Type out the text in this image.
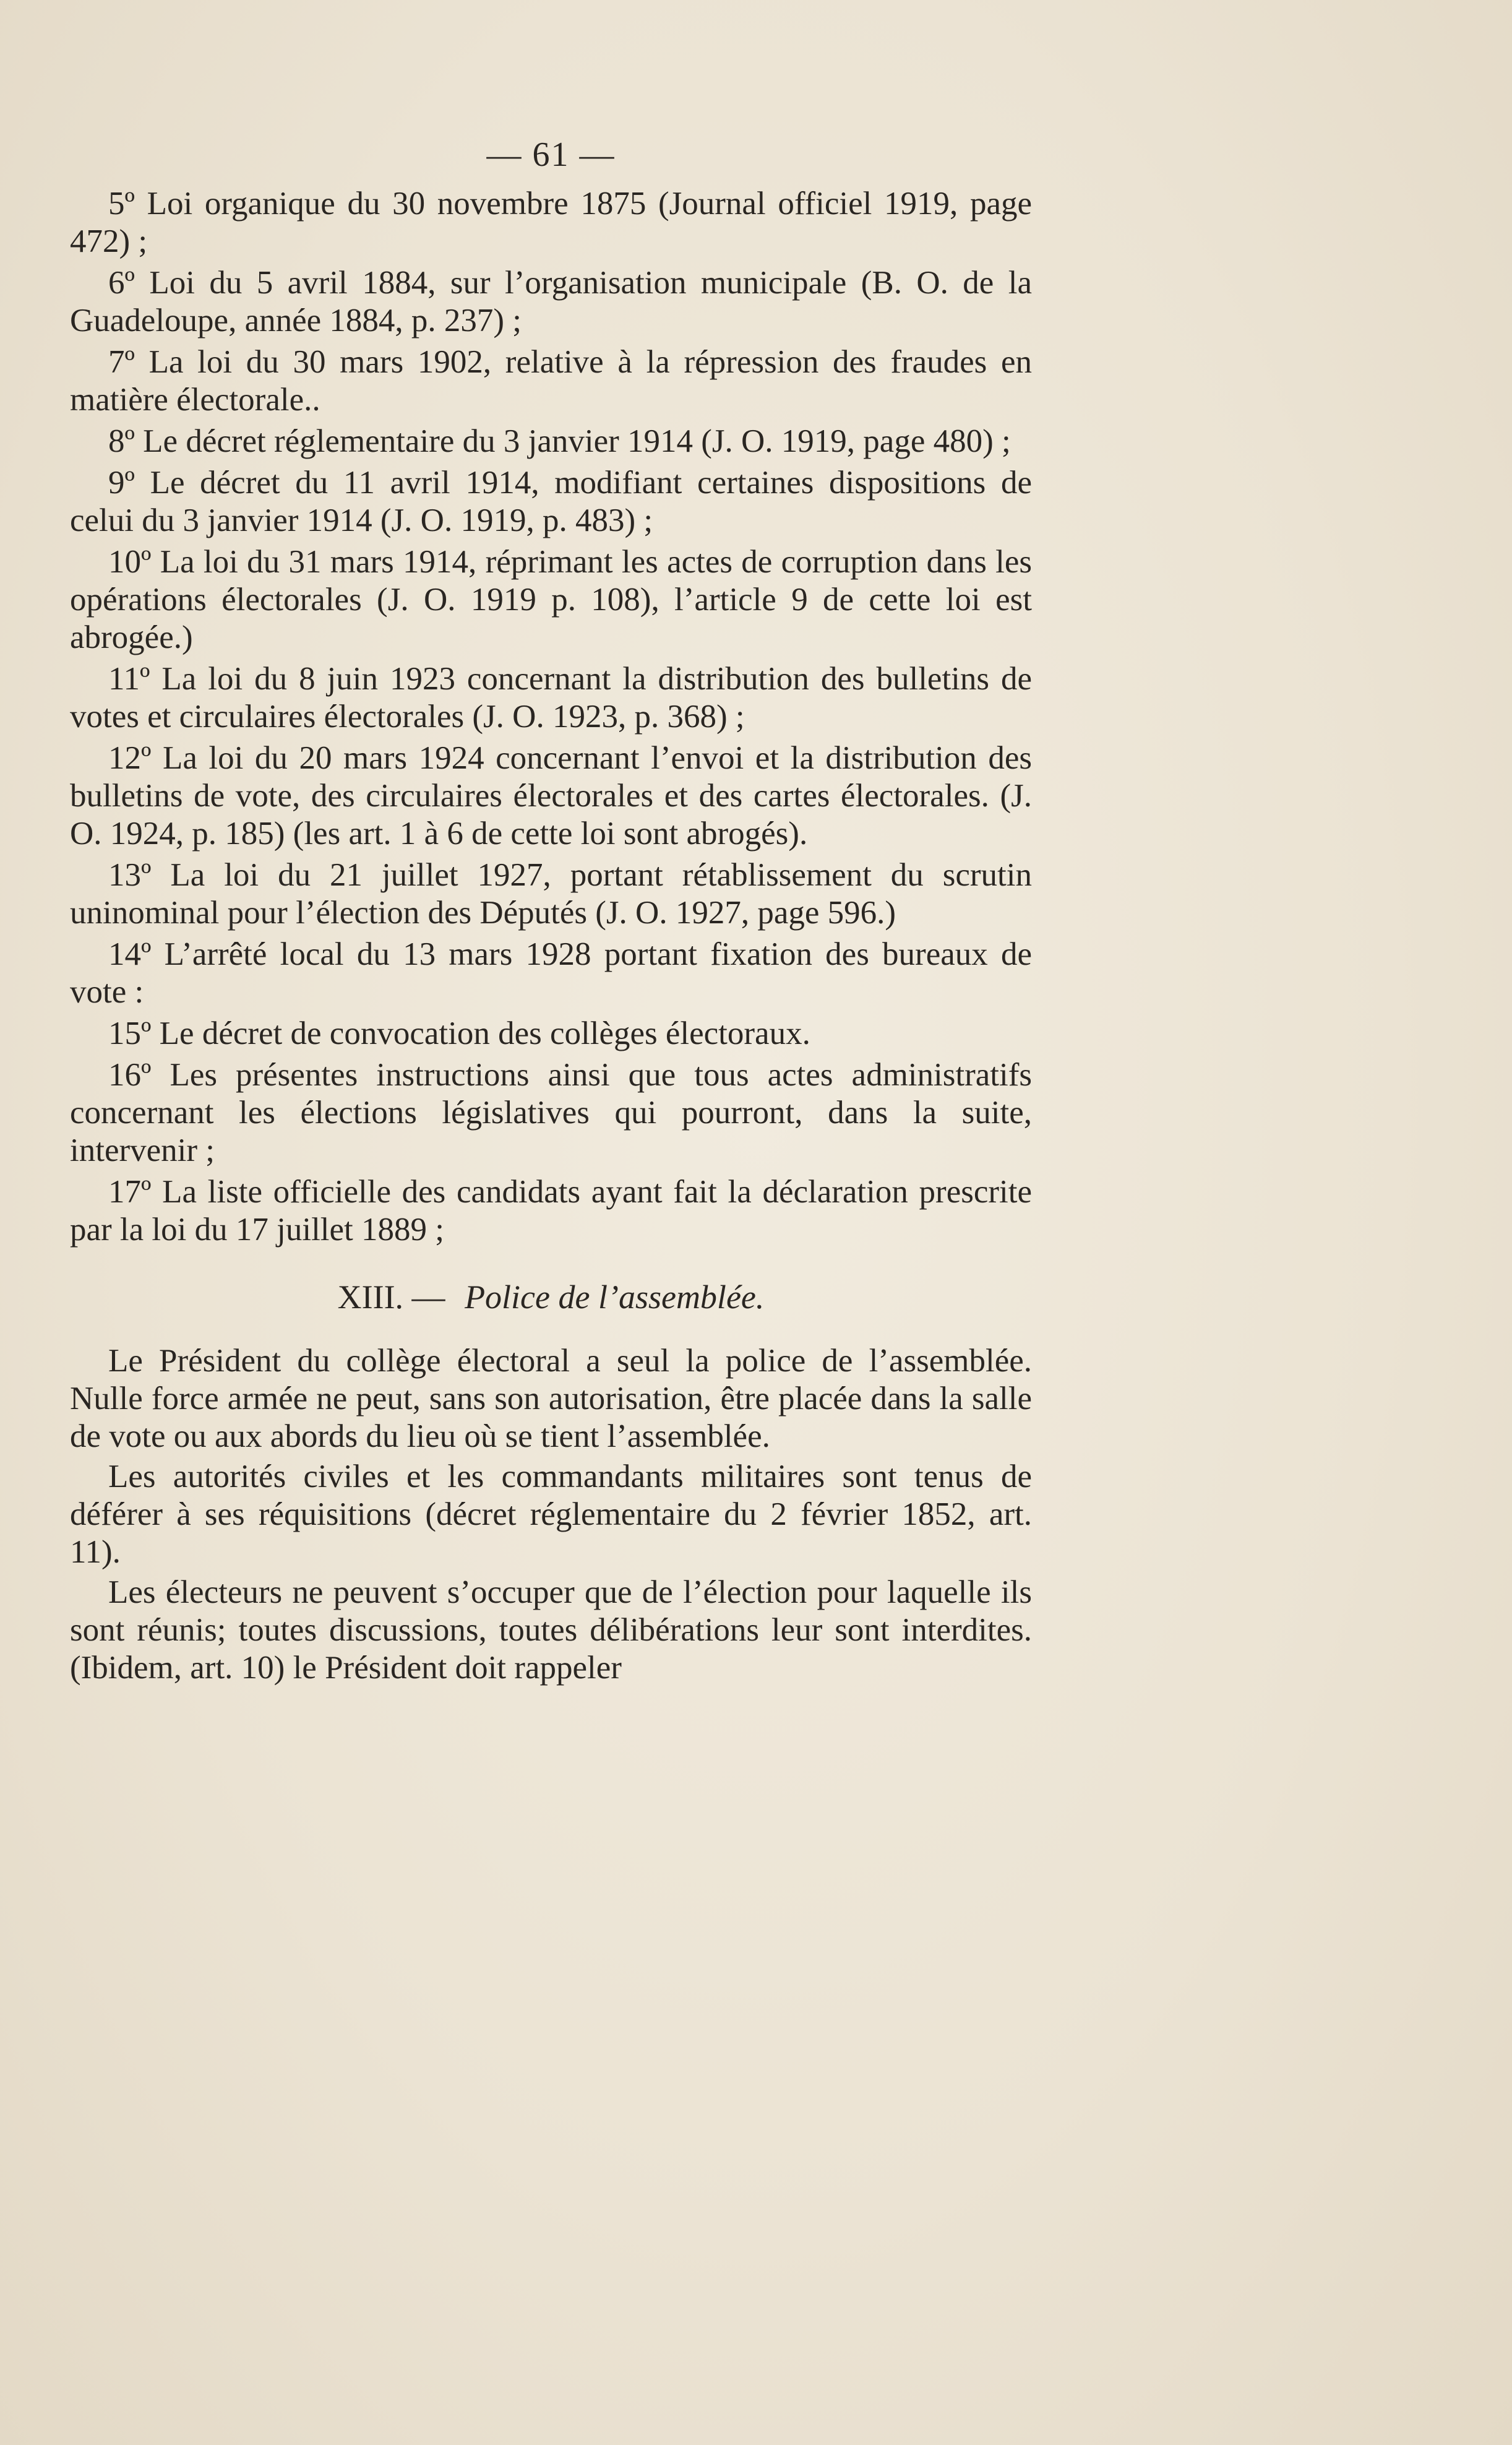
— 61 —

5º Loi organique du 30 novembre 1875 (Journal officiel 1919, page 472) ;

6º Loi du 5 avril 1884, sur l’organisation municipale (B. O. de la Guadeloupe, année 1884, p. 237) ;

7º La loi du 30 mars 1902, relative à la répression des fraudes en matière électorale..

8º Le décret réglementaire du 3 janvier 1914 (J. O. 1919, page 480) ;

9º Le décret du 11 avril 1914, modifiant certaines dispositions de celui du 3 janvier 1914 (J. O. 1919, p. 483) ;

10º La loi du 31 mars 1914, réprimant les actes de corruption dans les opérations électorales (J. O. 1919 p. 108), l’article 9 de cette loi est abrogée.)

11º La loi du 8 juin 1923 concernant la distribution des bulletins de votes et circulaires électorales (J. O. 1923, p. 368) ;

12º La loi du 20 mars 1924 concernant l’envoi et la distribution des bulletins de vote, des circulaires électorales et des cartes électorales. (J. O. 1924, p. 185) (les art. 1 à 6 de cette loi sont abrogés).

13º La loi du 21 juillet 1927, portant rétablissement du scrutin uninominal pour l’élection des Députés (J. O. 1927, page 596.)

14º L’arrêté local du 13 mars 1928 portant fixation des bureaux de vote :

15º Le décret de convocation des collèges électoraux.

16º Les présentes instructions ainsi que tous actes administratifs concernant les élections législatives qui pourront, dans la suite, intervenir ;

17º La liste officielle des candidats ayant fait la déclaration prescrite par la loi du 17 juillet 1889 ;

XIII. — Police de l’assemblée.

Le Président du collège électoral a seul la police de l’assemblée. Nulle force armée ne peut, sans son autorisation, être placée dans la salle de vote ou aux abords du lieu où se tient l’assemblée.

Les autorités civiles et les commandants militaires sont tenus de déférer à ses réquisitions (décret réglementaire du 2 février 1852, art. 11).

Les électeurs ne peuvent s’occuper que de l’élection pour laquelle ils sont réunis; toutes discussions, toutes délibérations leur sont interdites. (Ibidem, art. 10) le Président doit rappeler
